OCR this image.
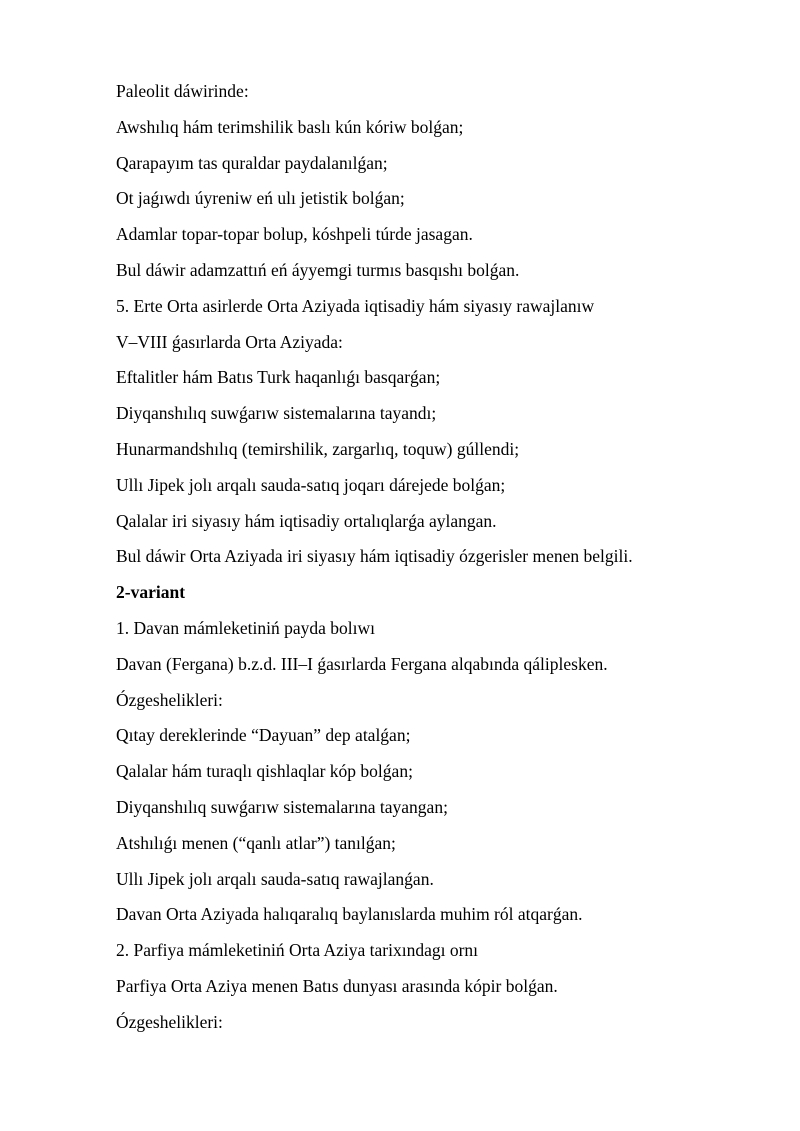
Paleolit dáwirinde:
Awshılıq hám terimshilik baslı kún kóriw bolǵan;
Qarapayım tas quraldar paydalanılǵan;
Ot jaǵıwdı úyreniw eń ulı jetistik bolǵan;
Adamlar topar-topar bolup, kóshpeli túrde jasagan.
Bul dáwir adamzattıń eń áyyemgi turmıs basqıshı bolǵan.
5. Erte Orta asirlerde Orta Aziyada iqtisadiy hám siyasıy rawajlanıw
V–VIII ǵasırlarda Orta Aziyada:
Eftalitler hám Batıs Turk haqanlıǵı basqarǵan;
Diyqanshılıq suwǵarıw sistemalarına tayandı;
Hunarmandshılıq (temirshilik, zargarlıq, toquw) gúllendi;
Ullı Jipek jolı arqalı sauda-satıq joqarı dárejede bolǵan;
Qalalar iri siyasıy hám iqtisadiy ortalıqlarǵa aylangan.
Bul dáwir Orta Aziyada iri siyasıy hám iqtisadiy ózgerisler menen belgili.
2-variant
1. Davan mámleketiniń payda bolıwı
Davan (Fergana) b.z.d. III–I ǵasırlarda Fergana alqabında qáliplesken.
Ózgeshelikleri:
Qıtay dereklerinde “Dayuan” dep atalǵan;
Qalalar hám turaqlı qishlaqlar kóp bolǵan;
Diyqanshılıq suwǵarıw sistemalarına tayangan;
Atshılıǵı menen (“qanlı atlar”) tanılǵan;
Ullı Jipek jolı arqalı sauda-satıq rawajlanǵan.
Davan Orta Aziyada halıqaralıq baylanıslarda muhim ról atqarǵan.
2. Parfiya mámleketiniń Orta Aziya tarixındagı ornı
Parfiya Orta Aziya menen Batıs dunyası arasında kópir bolǵan.
Ózgeshelikleri:
